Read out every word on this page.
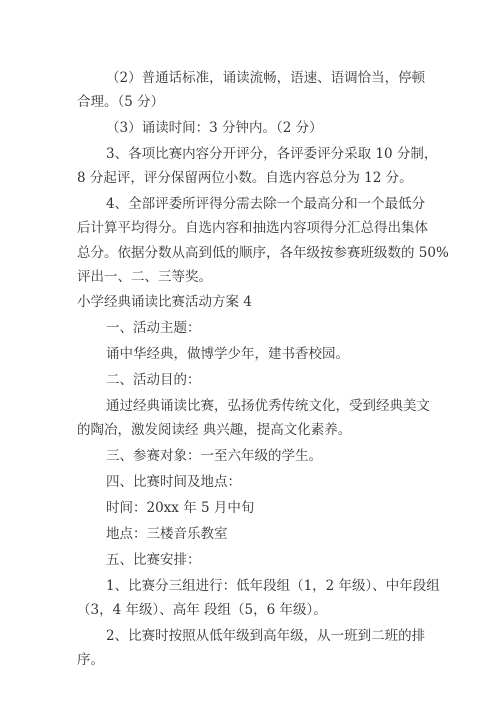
（2）普通话标准，诵读流畅，语速、语调恰当，停顿
合理。（5 分）
（3）诵读时间：3 分钟内。（2 分）
3、各项比赛内容分开评分，各评委评分采取 10 分制，
8 分起评，评分保留两位小数。自选内容总分为 12 分。
4、全部评委所评得分需去除一个最高分和一个最低分
后计算平均得分。自选内容和抽选内容项得分汇总得出集体
总分。依据分数从高到低的顺序，各年级按参赛班级数的 50%
评出一、二、三等奖。
小学经典诵读比赛活动方案 4
一、活动主题：
诵中华经典，做博学少年，建书香校园。
二、活动目的：
通过经典诵读比赛，弘扬优秀传统文化，受到经典美文
的陶冶，激发阅读经 典兴趣，提高文化素养。
三、参赛对象：一至六年级的学生。
四、比赛时间及地点：
时间：20xx 年 5 月中旬
地点：三楼音乐教室
五、比赛安排：
1、比赛分三组进行：低年段组（1，2 年级）、中年段组
（3，4 年级）、高年 段组（5，6 年级）。
2、比赛时按照从低年级到高年级，从一班到二班的排
序。
